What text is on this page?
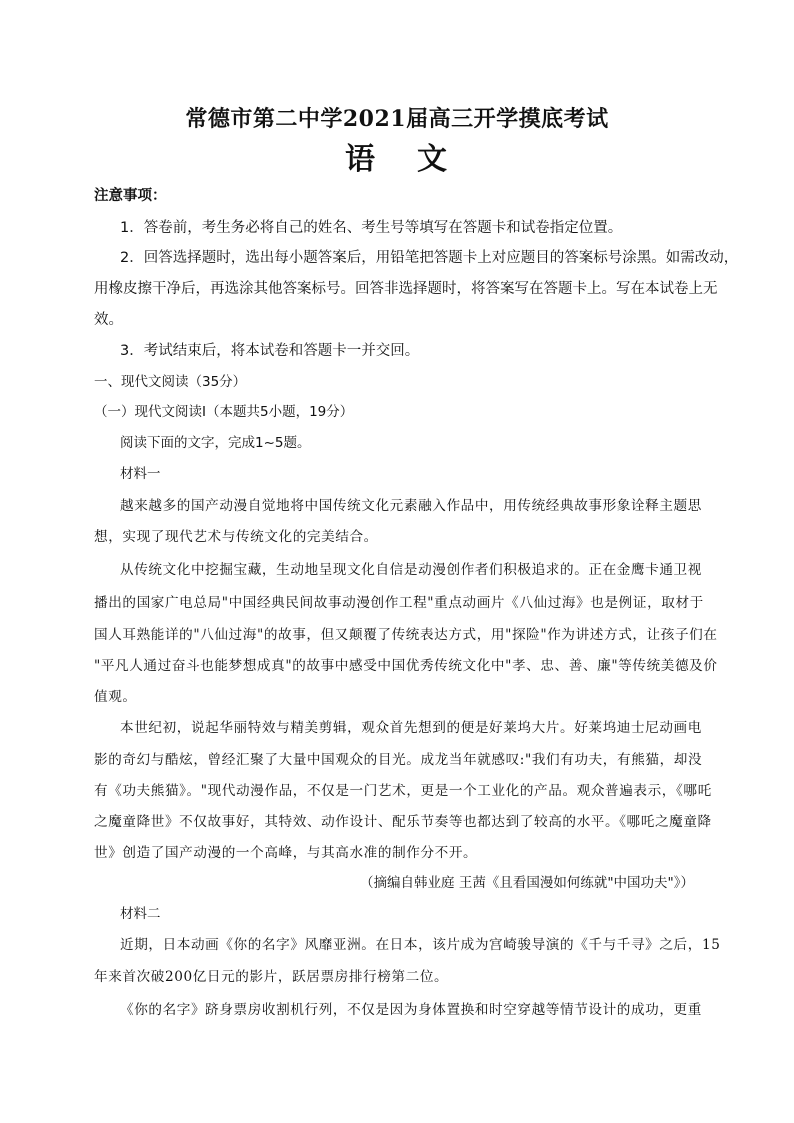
常德市第二中学2021届高三开学摸底考试
语 文
注意事项：
1．答卷前，考生务必将自己的姓名、考生号等填写在答题卡和试卷指定位置。
2．回答选择题时，选出每小题答案后，用铅笔把答题卡上对应题目的答案标号涂黑。如需改动，
用橡皮擦干净后，再选涂其他答案标号。回答非选择题时，将答案写在答题卡上。写在本试卷上无
效。
3．考试结束后，将本试卷和答题卡一并交回。
一、现代文阅读（35分）
（一）现代文阅读Ⅰ（本题共5小题，19分）
阅读下面的文字，完成1~5题。
材料一
越来越多的国产动漫自觉地将中国传统文化元素融入作品中，用传统经典故事形象诠释主题思
想，实现了现代艺术与传统文化的完美结合。
从传统文化中挖掘宝藏，生动地呈现文化自信是动漫创作者们积极追求的。正在金鹰卡通卫视
播出的国家广电总局"中国经典民间故事动漫创作工程"重点动画片《八仙过海》也是例证，取材于
国人耳熟能详的"八仙过海"的故事，但又颠覆了传统表达方式，用"探险"作为讲述方式，让孩子们在
"平凡人通过奋斗也能梦想成真"的故事中感受中国优秀传统文化中"孝、忠、善、廉"等传统美德及价
值观。
本世纪初，说起华丽特效与精美剪辑，观众首先想到的便是好莱坞大片。好莱坞迪士尼动画电
影的奇幻与酷炫，曾经汇聚了大量中国观众的目光。成龙当年就感叹:"我们有功夫，有熊猫，却没
有《功夫熊猫》。"现代动漫作品，不仅是一门艺术，更是一个工业化的产品。观众普遍表示，《哪吒
之魔童降世》不仅故事好，其特效、动作设计、配乐节奏等也都达到了较高的水平。《哪吒之魔童降
世》创造了国产动漫的一个高峰，与其高水准的制作分不开。
（摘编自韩业庭 王茜《且看国漫如何练就"中国功夫"》）
材料二
近期，日本动画《你的名字》风靡亚洲。在日本，该片成为宫崎骏导演的《千与千寻》之后，15
年来首次破200亿日元的影片，跃居票房排行榜第二位。
《你的名字》跻身票房收割机行列，不仅是因为身体置换和时空穿越等情节设计的成功，更重
